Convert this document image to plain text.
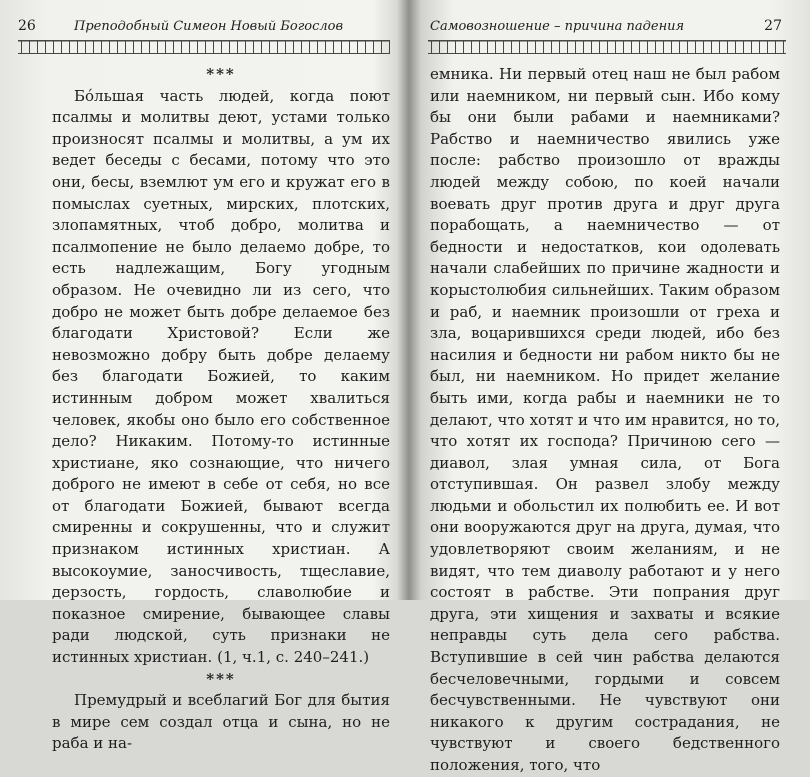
26	Преподобный Симеон Новый Богослов

***

Бóльшая часть людей, когда поют псалмы и молитвы деют, устами только произносят псалмы и молитвы, а ум их ведет беседы с бесами, потому что это они, бесы, вземлют ум его и кружат его в помыслах суетных, мирских, плотских, злопамятных, чтоб добро, молитва и псалмопение не было делаемо добре, то есть надлежащим, Богу угодным образом. Не очевидно ли из сего, что добро не может быть добре делаемое без благодати Христовой? Если же невозможно добру быть добре делаему без благодати Божией, то каким истинным добром может хвалиться человек, якобы оно было его собственное дело? Никаким. Потому-то истинные христиане, яко сознающие, что ничего доброго не имеют в себе от себя, но все от благодати Божией, бывают всегда смиренны и сокрушенны, что и служит признаком истинных христиан. А высокоумие, заносчивость, тщеславие, дерзость, гордость, славолюбие и показное смирение, бывающее славы ради людской, суть признаки не истинных христиан. (1, ч.1, с. 240–241.)

***

Премудрый и всеблагий Бог для бытия в мире сем создал отца и сына, но не раба и на-

Самовозношение – причина падения	27

емника. Ни первый отец наш не был рабом или наемником, ни первый сын. Ибо кому бы они были рабами и наемниками? Рабство и наемничество явились уже после: рабство произошло от вражды людей между собою, по коей начали воевать друг против друга и друг друга порабощать, а наемничество — от бедности и недостатков, кои одолевать начали слабейших по причине жадности и корыстолюбия сильнейших. Таким образом и раб, и наемник произошли от греха и зла, воцарившихся среди людей, ибо без насилия и бедности ни рабом никто бы не был, ни наемником. Но придет желание быть ими, когда рабы и наемники не то делают, что хотят и что им нравится, но то, что хотят их господа? Причиною сего — диавол, злая умная сила, от Бога отступившая. Он развел злобу между людьми и обольстил их полюбить ее. И вот они вооружаются друг на друга, думая, что удовлетворяют своим желаниям, и не видят, что тем диаволу работают и у него состоят в рабстве. Эти попрания друг друга, эти хищения и захваты и всякие неправды суть дела сего рабства. Вступившие в сей чин рабства делаются бесчеловечными, гордыми и совсем бесчувственными. Не чувствуют они никакого к другим сострадания, не чувствуют и своего бедственного положения, того, что
